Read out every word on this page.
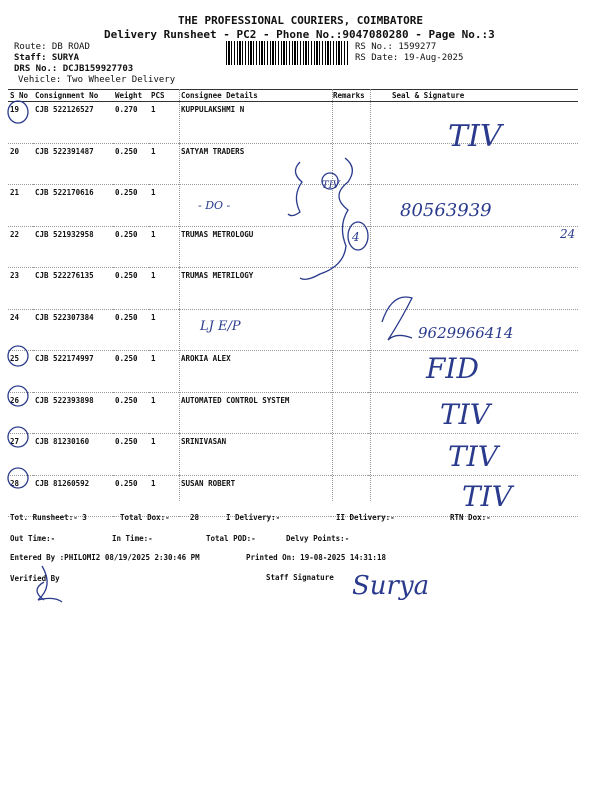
THE PROFESSIONAL COURIERS, COIMBATORE
Delivery Runsheet - PC2 - Phone No.:9047080280 - Page No.:3
Route: DB ROAD
Staff: SURYA
DRS No.: DCJB159927703
Vehicle: Two Wheeler Delivery
RS No.: 1599277
RS Date: 19-Aug-2025
S No	Consignment No	Weight	PCS	Consignee Details	Remarks	Seal & Signature
19	CJB 522126527	0.270	1	KUPPULAKSHMI N		
20	CJB 522391487	0.250	1	SATYAM TRADERS		
21	CJB 522170616	0.250	1			
22	CJB 521932958	0.250	1	TRUMAS METROLOGU		
23	CJB 522276135	0.250	1	TRUMAS METRILOGY		
24	CJB 522307384	0.250	1			
25	CJB 522174997	0.250	1	AROKIA ALEX		
26	CJB 522393898	0.250	1	AUTOMATED CONTROL SYSTEM		
27	CJB 81230160	0.250	1	SRINIVASAN		
28	CJB 81260592	0.250	1	SUSAN ROBERT		
TIV
- DO -
TIV
4
80563939
24
LJ E/P	9629966414
FID
TIV
TIV
TIV
Surya
Tot. Runsheet:- 3	Total Dox:-	28	I Delivery:-	II Delivery:-	RTN Dox:-
Out Time:-	In Time:-	Total POD:-	Delvy Points:-
Entered By :PHILOMI2 08/19/2025 2:30:46 PM	Printed On: 19-08-2025 14:31:18
Verified By	Staff Signature
